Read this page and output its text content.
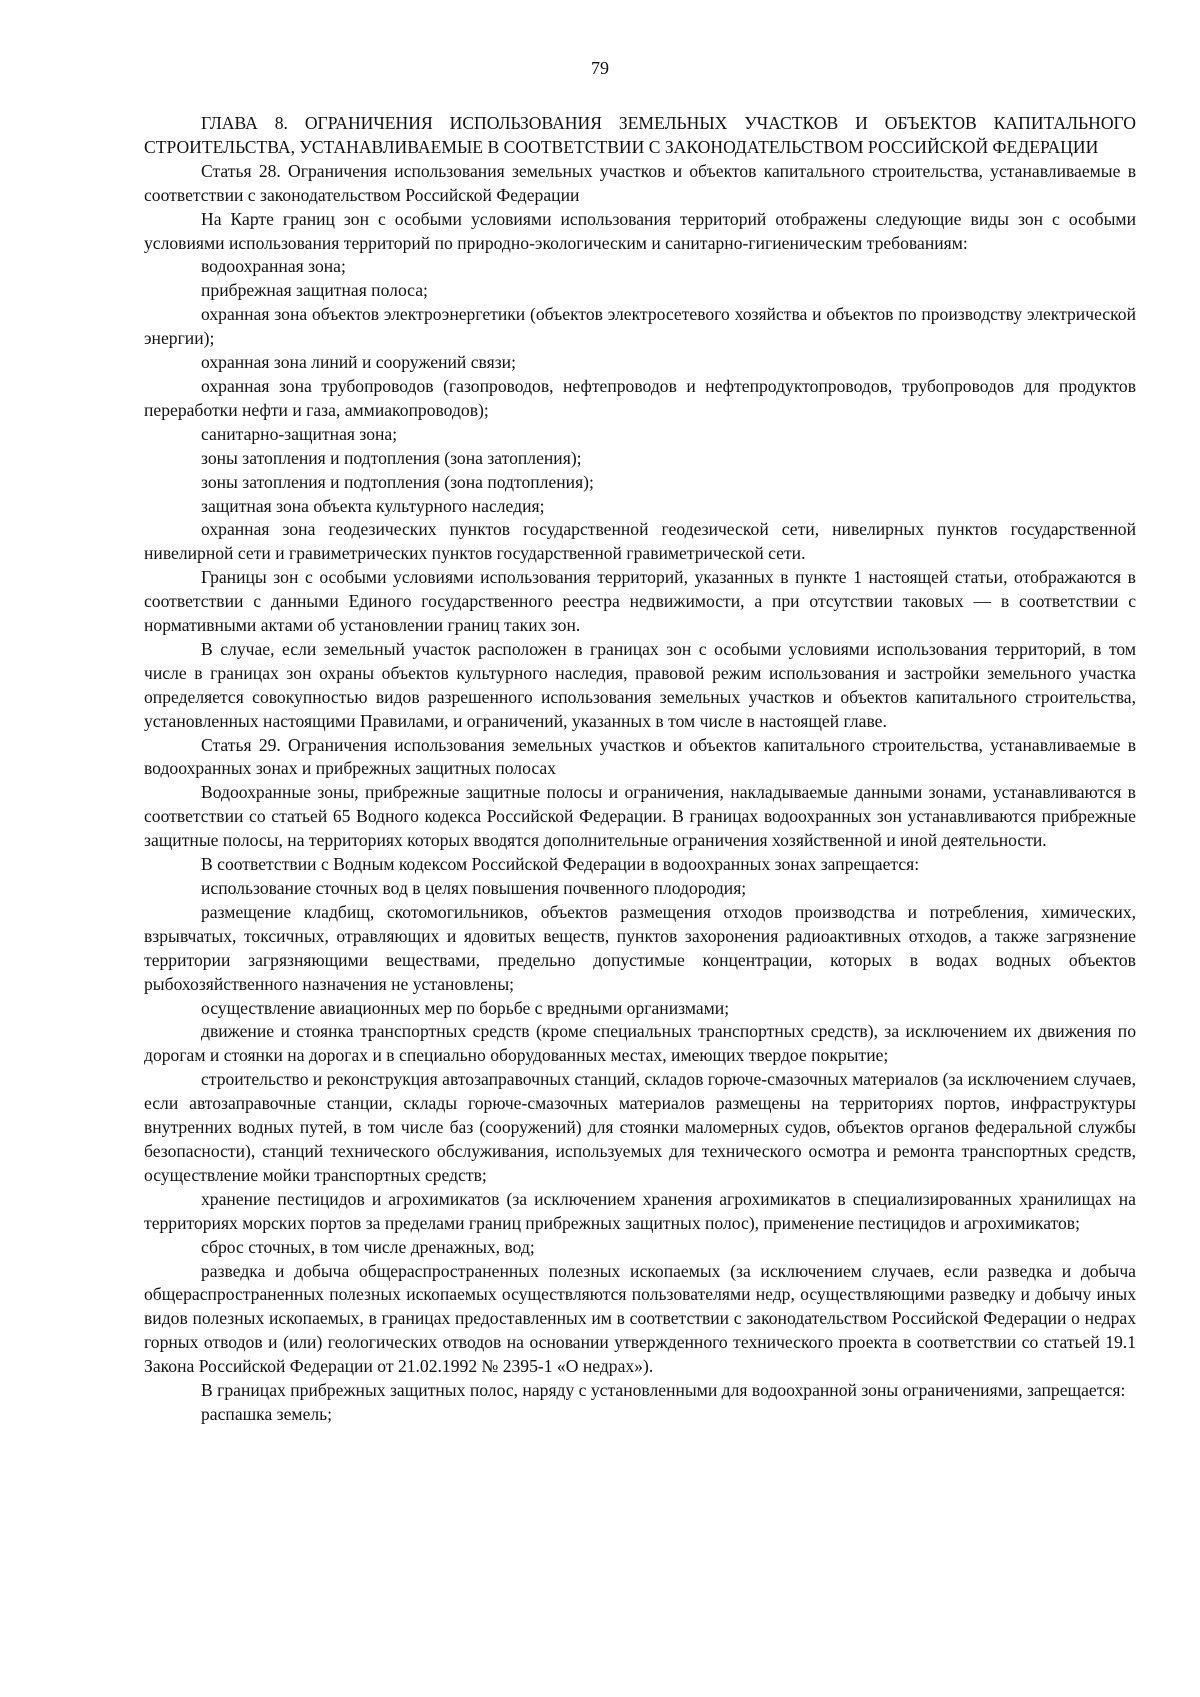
79

ГЛАВА 8. ОГРАНИЧЕНИЯ ИСПОЛЬЗОВАНИЯ ЗЕМЕЛЬНЫХ УЧАСТКОВ И ОБЪЕКТОВ КАПИТАЛЬНОГО СТРОИТЕЛЬСТВА, УСТАНАВЛИВАЕМЫЕ В СООТВЕТСТВИИ С ЗАКОНОДАТЕЛЬСТВОМ РОССИЙСКОЙ ФЕДЕРАЦИИ

Статья 28. Ограничения использования земельных участков и объектов капитального строительства, устанавливаемые в соответствии с законодательством Российской Федерации

На Карте границ зон с особыми условиями использования территорий отображены следующие виды зон с особыми условиями использования территорий по природно-экологическим и санитарно-гигиеническим требованиям:

водоохранная зона;

прибрежная защитная полоса;

охранная зона объектов электроэнергетики (объектов электросетевого хозяйства и объектов по производству электрической энергии);

охранная зона линий и сооружений связи;

охранная зона трубопроводов (газопроводов, нефтепроводов и нефтепродуктопроводов, трубопроводов для продуктов переработки нефти и газа, аммиакопроводов);

санитарно-защитная зона;

зоны затопления и подтопления (зона затопления);

зоны затопления и подтопления (зона подтопления);

защитная зона объекта культурного наследия;

охранная зона геодезических пунктов государственной геодезической сети, нивелирных пунктов государственной нивелирной сети и гравиметрических пунктов государственной гравиметрической сети.

Границы зон с особыми условиями использования территорий, указанных в пункте 1 настоящей статьи, отображаются в соответствии с данными Единого государственного реестра недвижимости, а при отсутствии таковых — в соответствии с нормативными актами об установлении границ таких зон.

В случае, если земельный участок расположен в границах зон с особыми условиями использования территорий, в том числе в границах зон охраны объектов культурного наследия, правовой режим использования и застройки земельного участка определяется совокупностью видов разрешенного использования земельных участков и объектов капитального строительства, установленных настоящими Правилами, и ограничений, указанных в том числе в настоящей главе.

Статья 29. Ограничения использования земельных участков и объектов капитального строительства, устанавливаемые в водоохранных зонах и прибрежных защитных полосах

Водоохранные зоны, прибрежные защитные полосы и ограничения, накладываемые данными зонами, устанавливаются в соответствии со статьей 65 Водного кодекса Российской Федерации. В границах водоохранных зон устанавливаются прибрежные защитные полосы, на территориях которых вводятся дополнительные ограничения хозяйственной и иной деятельности.

В соответствии с Водным кодексом Российской Федерации в водоохранных зонах запрещается:

использование сточных вод в целях повышения почвенного плодородия;

размещение кладбищ, скотомогильников, объектов размещения отходов производства и потребления, химических, взрывчатых, токсичных, отравляющих и ядовитых веществ, пунктов захоронения радиоактивных отходов, а также загрязнение территории загрязняющими веществами, предельно допустимые концентрации, которых в водах водных объектов рыбохозяйственного назначения не установлены;

осуществление авиационных мер по борьбе с вредными организмами;

движение и стоянка транспортных средств (кроме специальных транспортных средств), за исключением их движения по дорогам и стоянки на дорогах и в специально оборудованных местах, имеющих твердое покрытие;

строительство и реконструкция автозаправочных станций, складов горюче-смазочных материалов (за исключением случаев, если автозаправочные станции, склады горюче-смазочных материалов размещены на территориях портов, инфраструктуры внутренних водных путей, в том числе баз (сооружений) для стоянки маломерных судов, объектов органов федеральной службы безопасности), станций технического обслуживания, используемых для технического осмотра и ремонта транспортных средств, осуществление мойки транспортных средств;

хранение пестицидов и агрохимикатов (за исключением хранения агрохимикатов в специализированных хранилищах на территориях морских портов за пределами границ прибрежных защитных полос), применение пестицидов и агрохимикатов;

сброс сточных, в том числе дренажных, вод;

разведка и добыча общераспространенных полезных ископаемых (за исключением случаев, если разведка и добыча общераспространенных полезных ископаемых осуществляются пользователями недр, осуществляющими разведку и добычу иных видов полезных ископаемых, в границах предоставленных им в соответствии с законодательством Российской Федерации о недрах горных отводов и (или) геологических отводов на основании утвержденного технического проекта в соответствии со статьей 19.1 Закона Российской Федерации от 21.02.1992 № 2395-1 «О недрах»).

В границах прибрежных защитных полос, наряду с установленными для водоохранной зоны ограничениями, запрещается:

распашка земель;
